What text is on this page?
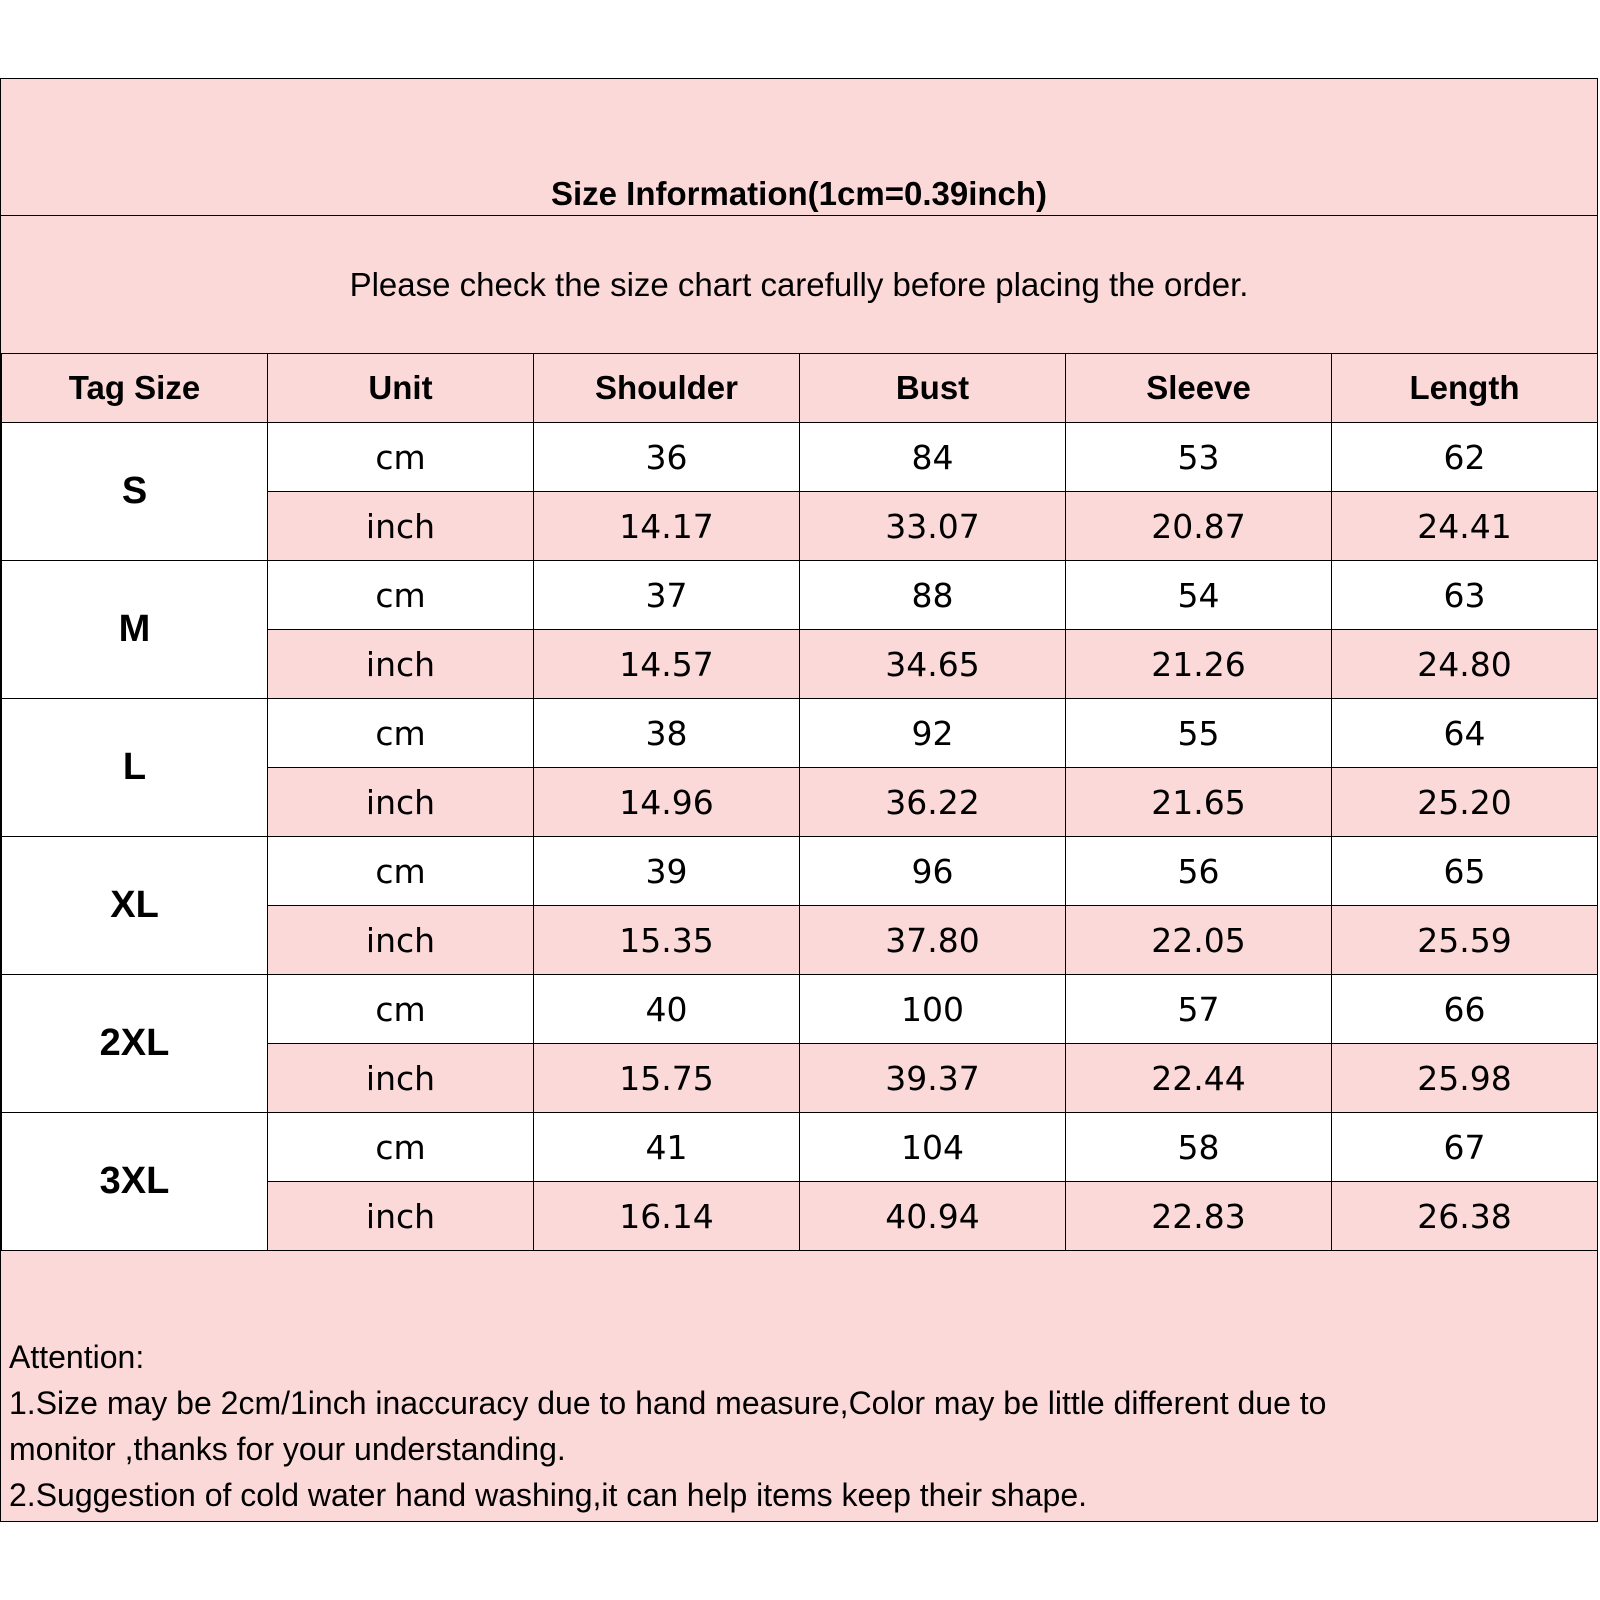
Size Information(1cm=0.39inch)
Please check the size chart carefully before placing the order.
Tag Size	Unit	Shoulder	Bust	Sleeve	Length
S	cm	36	84	53	62
	inch	14.17	33.07	20.87	24.41
M	cm	37	88	54	63
	inch	14.57	34.65	21.26	24.80
L	cm	38	92	55	64
	inch	14.96	36.22	21.65	25.20
XL	cm	39	96	56	65
	inch	15.35	37.80	22.05	25.59
2XL	cm	40	100	57	66
	inch	15.75	39.37	22.44	25.98
3XL	cm	41	104	58	67
	inch	16.14	40.94	22.83	26.38
Attention:
1.Size may be 2cm/1inch inaccuracy due to hand measure,Color may be little different due to
monitor ,thanks for your understanding.
2.Suggestion of cold water hand washing,it can help items keep their shape.
